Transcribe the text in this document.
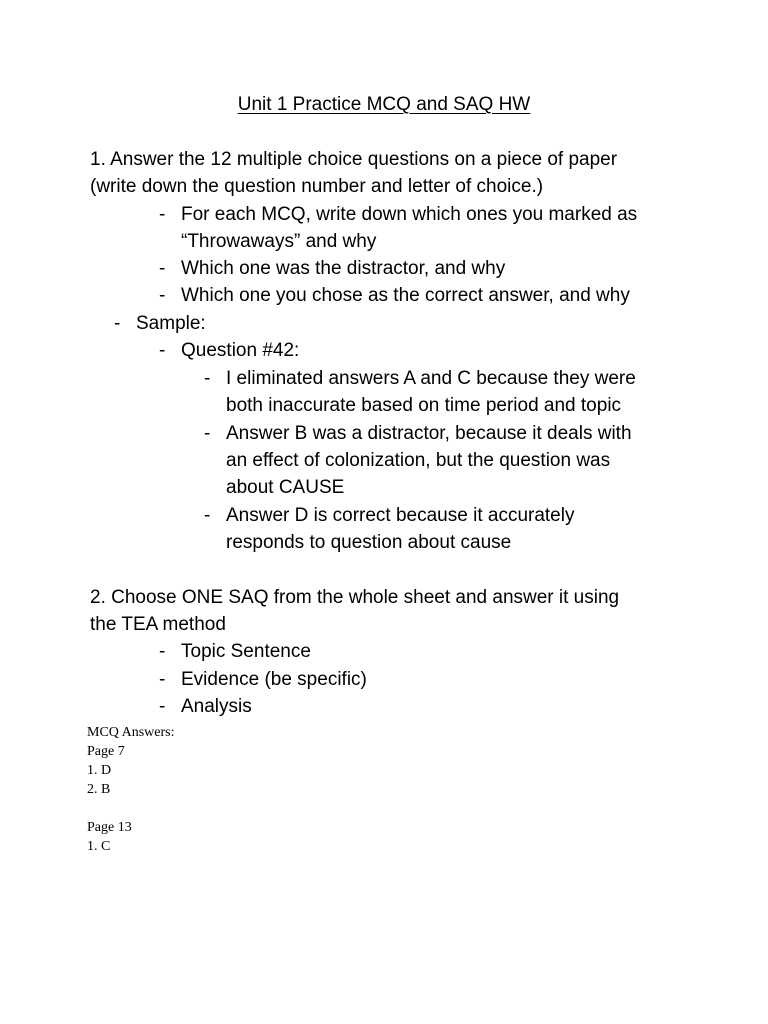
Unit 1 Practice MCQ and SAQ HW
1. Answer the 12 multiple choice questions on a piece of paper
(write down the question number and letter of choice.)
- For each MCQ, write down which ones you marked as
“Throwaways” and why
- Which one was the distractor, and why
- Which one you chose as the correct answer, and why
- Sample:
- Question #42:
- I eliminated answers A and C because they were
both inaccurate based on time period and topic
- Answer B was a distractor, because it deals with
an effect of colonization, but the question was
about CAUSE
- Answer D is correct because it accurately
responds to question about cause
2. Choose ONE SAQ from the whole sheet and answer it using
the TEA method
- Topic Sentence
- Evidence (be specific)
- Analysis
MCQ Answers:
Page 7
1. D
2. B
Page 13
1. C
